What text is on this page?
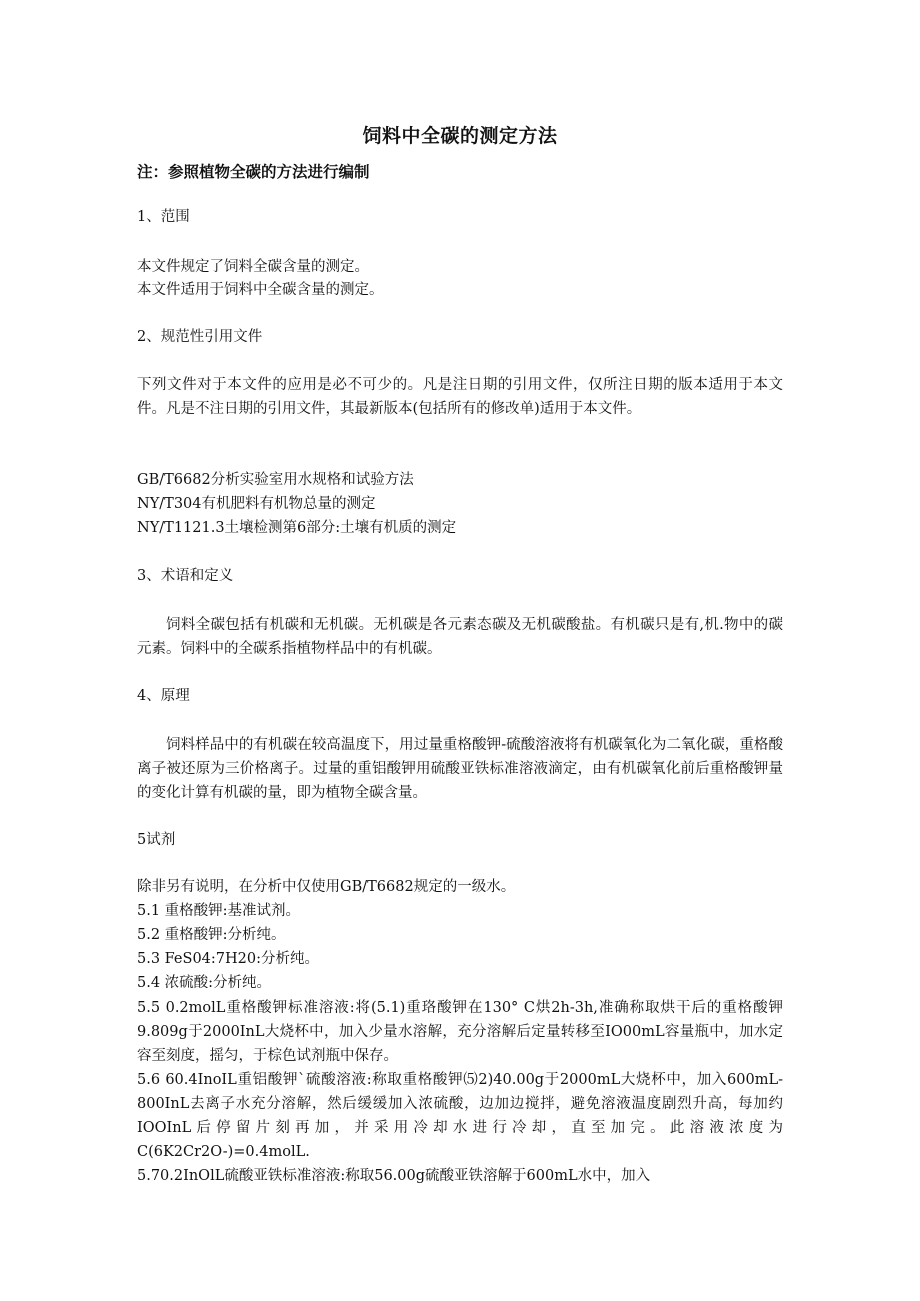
饲料中全碳的测定方法
注：参照植物全碳的方法进行编制
1、范围
本文件规定了饲料全碳含量的测定。
本文件适用于饲料中全碳含量的测定。
2、规范性引用文件
下列文件对于本文件的应用是必不可少的。凡是注日期的引用文件，仅所注日期的版本适用于本文件。凡是不注日期的引用文件，其最新版本(包括所有的修改单)适用于本文件。
GB/T6682分析实验室用水规格和试验方法
NY/T304有机肥料有机物总量的测定
NY/T1121.3土壤检测第6部分:土壤有机质的测定
3、术语和定义
饲料全碳包括有机碳和无机碳。无机碳是各元素态碳及无机碳酸盐。有机碳只是有,机.物中的碳元素。饲料中的全碳系指植物样品中的有机碳。
4、原理
饲料样品中的有机碳在较高温度下，用过量重格酸钾-硫酸溶液将有机碳氧化为二氧化碳，重格酸离子被还原为三价格离子。过量的重铝酸钾用硫酸亚铁标准溶液滴定，由有机碳氧化前后重格酸钾量的变化计算有机碳的量，即为植物全碳含量。
5试剂
除非另有说明，在分析中仅使用GB/T6682规定的一级水。
5.1 重格酸钾:基准试剂。
5.2 重格酸钾:分析纯。
5.3 FeS04:7H20:分析纯。
5.4 浓硫酸:分析纯。
5.5 0.2molL重格酸钾标准溶液:将(5.1)重珞酸钾在130° C烘2h-3h,准确称取烘干后的重格酸钾9.809g于2000InL大烧杯中，加入少量水溶解，充分溶解后定量转移至IO00mL容量瓶中，加水定容至刻度，摇匀，于棕色试剂瓶中保存。
5.6 60.4InoIL重铝酸钾`硫酸溶液:称取重格酸钾⑸2)40.00g于2000mL大烧杯中，加入600mL-800InL去离子水充分溶解，然后缓缓加入浓硫酸，边加边搅拌，避免溶液温度剧烈升高，每加约IOOInL后停留片刻再加，并采用冷却水进行冷却，直至加完。此溶液浓度为C(6K2Cr2O-)=0.4molL.
5.70.2InOlL硫酸亚铁标准溶液:称取56.00g硫酸亚铁溶解于600mL水中，加入
